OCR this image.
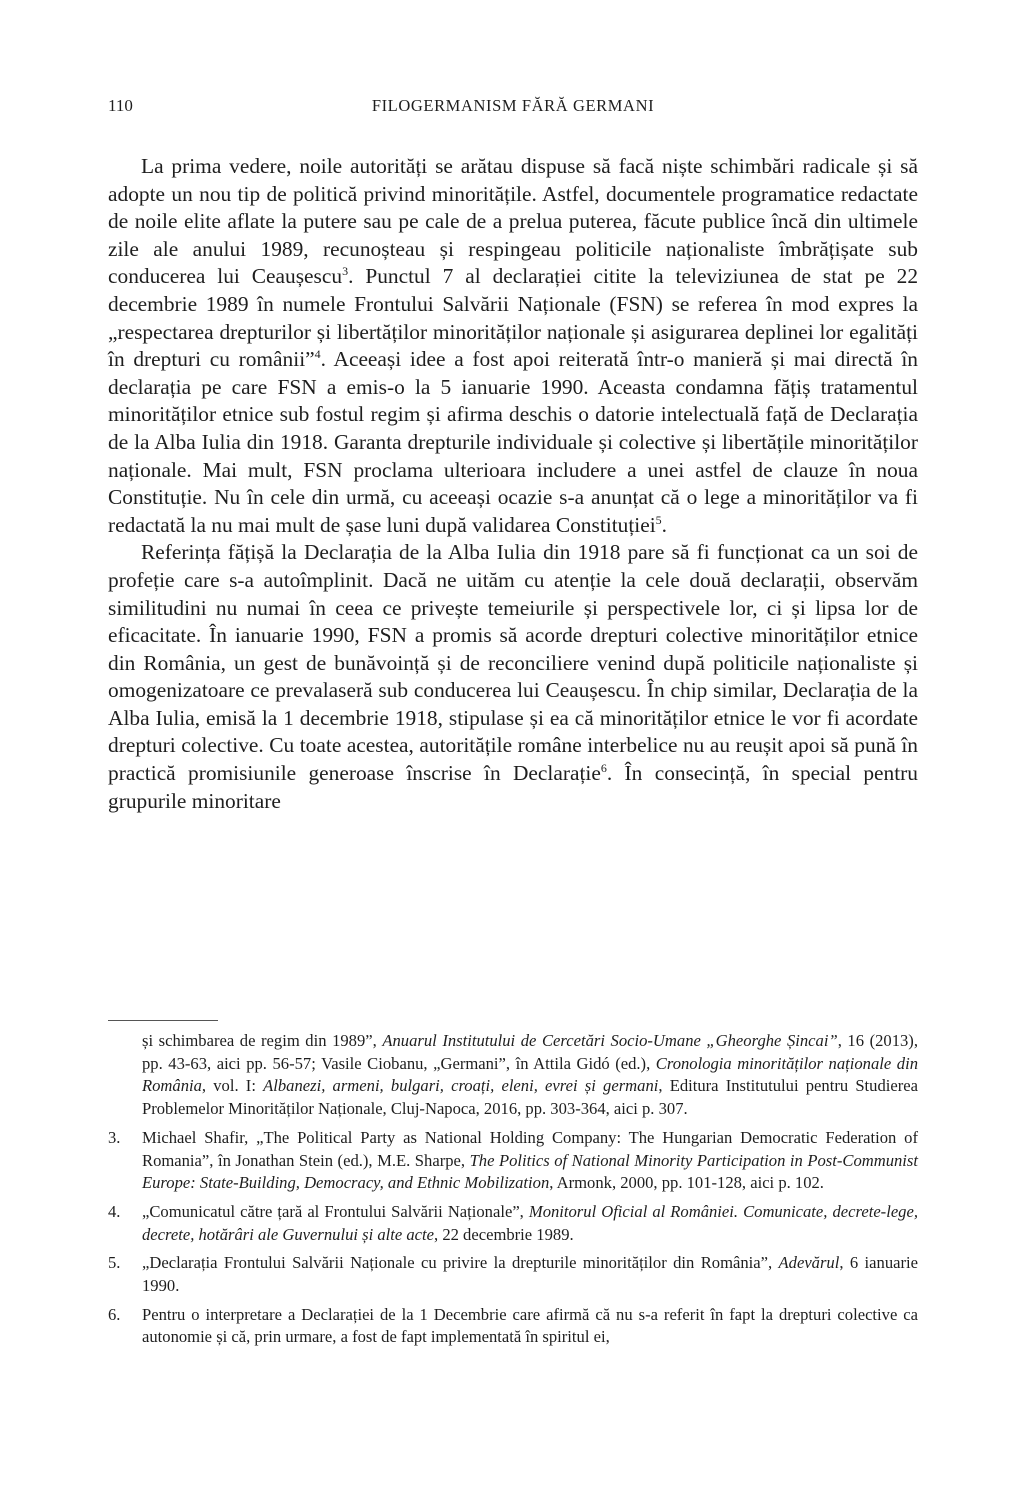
110	FILOGERMANISM FĂRĂ GERMANI

La prima vedere, noile autorități se arătau dispuse să facă niște schimbări radicale și să adopte un nou tip de politică privind minoritățile. Astfel, documentele programatice redactate de noile elite aflate la putere sau pe cale de a prelua puterea, făcute publice încă din ultimele zile ale anului 1989, recunoșteau și respingeau politicile naționaliste îmbrățișate sub conducerea lui Ceaușescu$^3$. Punctul 7 al declarației citite la televiziunea de stat pe 22 decembrie 1989 în numele Frontului Salvării Naționale (FSN) se referea în mod expres la „respectarea drepturilor și libertăților minorităților naționale și asigurarea deplinei lor egalități în drepturi cu românii”$^4$. Aceeași idee a fost apoi reiterată într-o manieră și mai directă în declarația pe care FSN a emis-o la 5 ianuarie 1990. Aceasta condamna fățiș tratamentul minorităților etnice sub fostul regim și afirma deschis o datorie intelectuală față de Declarația de la Alba Iulia din 1918. Garanta drepturile individuale și colective și libertățile minorităților naționale. Mai mult, FSN proclama ulterioara includere a unei astfel de clauze în noua Constituție. Nu în cele din urmă, cu aceeași ocazie s-a anunțat că o lege a minorităților va fi redactată la nu mai mult de șase luni după validarea Constituției$^5$.

Referința fățișă la Declarația de la Alba Iulia din 1918 pare să fi funcționat ca un soi de profeție care s-a autoîmplinit. Dacă ne uităm cu atenție la cele două declarații, observăm similitudini nu numai în ceea ce privește temeiurile și perspectivele lor, ci și lipsa lor de eficacitate. În ianuarie 1990, FSN a promis să acorde drepturi colective minorităților etnice din România, un gest de bunăvoință și de reconciliere venind după politicile naționaliste și omogenizatoare ce prevalaseră sub conducerea lui Ceaușescu. În chip similar, Declarația de la Alba Iulia, emisă la 1 decembrie 1918, stipulase și ea că minorităților etnice le vor fi acordate drepturi colective. Cu toate acestea, autoritățile române interbelice nu au reușit apoi să pună în practică promisiunile generoase înscrise în Declarație$^6$. În consecință, în special pentru grupurile minoritare

și schimbarea de regim din 1989”, Anuarul Institutului de Cercetări Socio-Umane „Gheorghe Șincai”, 16 (2013), pp. 43-63, aici pp. 56-57; Vasile Ciobanu, „Germani”, în Attila Gidó (ed.), Cronologia minorităților naționale din România, vol. I: Albanezi, armeni, bulgari, croați, eleni, evrei și germani, Editura Institutului pentru Studierea Problemelor Minorităților Naționale, Cluj-Napoca, 2016, pp. 303-364, aici p. 307.
3. Michael Shafir, „The Political Party as National Holding Company: The Hungarian Democratic Federation of Romania”, în Jonathan Stein (ed.), M.E. Sharpe, The Politics of National Minority Participation in Post-Communist Europe: State-Building, Democracy, and Ethnic Mobilization, Armonk, 2000, pp. 101-128, aici p. 102.
4. „Comunicatul către țară al Frontului Salvării Naționale”, Monitorul Oficial al României. Comunicate, decrete-lege, decrete, hotărâri ale Guvernului și alte acte, 22 decembrie 1989.
5. „Declarația Frontului Salvării Naționale cu privire la drepturile minorităților din România”, Adevărul, 6 ianuarie 1990.
6. Pentru o interpretare a Declarației de la 1 Decembrie care afirmă că nu s-a referit în fapt la drepturi colective ca autonomie și că, prin urmare, a fost de fapt implementată în spiritul ei,
